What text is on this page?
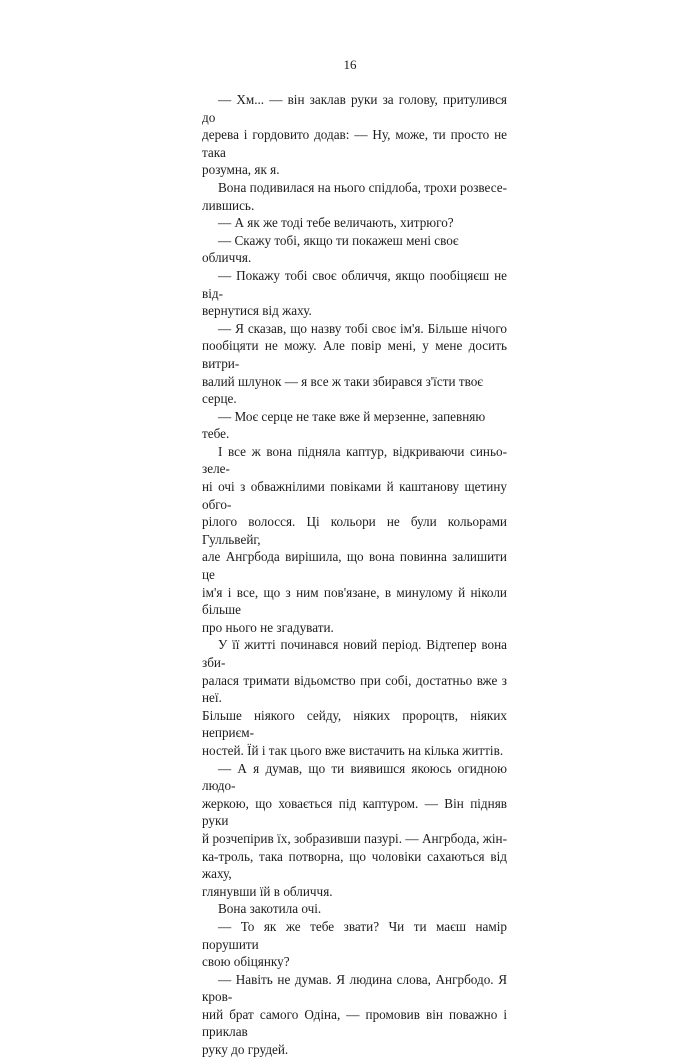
16

— Хм... — він заклав руки за голову, притулився до
дерева і гордовито додав: — Ну, може, ти просто не така
розумна, як я.

Вона подивилася на нього спідлоба, трохи розвесе-
лившись.

— А як же тоді тебе величають, хитрюго?

— Скажу тобі, якщо ти покажеш мені своє обличчя.

— Покажу тобі своє обличчя, якщо пообіцяєш не від-
вернутися від жаху.

— Я сказав, що назву тобі своє ім'я. Більше нічого
пообіцяти не можу. Але повір мені, у мене досить витри-
валий шлунок — я все ж таки збирався з'їсти твоє серце.

— Моє серце не таке вже й мерзенне, запевняю тебе.

І все ж вона підняла каптур, відкриваючи синьо-зеле-
ні очі з обважнілими повіками й каштанову щетину обго-
рілого волосся. Ці кольори не були кольорами Гулльвейг,
але Ангрбода вирішила, що вона повинна залишити це
ім'я і все, що з ним пов'язане, в минулому й ніколи більше
про нього не згадувати.

У її житті починався новий період. Відтепер вона зби-
ралася тримати відьомство при собі, достатньо вже з неї.
Більше ніякого сейду, ніяких пророцтв, ніяких неприєм-
ностей. Їй і так цього вже вистачить на кілька життів.

— А я думав, що ти виявишся якоюсь огидною людо-
жеркою, що ховається під каптуром. — Він підняв руки
й розчепірив їх, зобразивши пазурі. — Ангрбода, жін-
ка-троль, така потворна, що чоловіки сахаються від жаху,
глянувши їй в обличчя.

Вона закотила очі.

— То як же тебе звати? Чи ти маєш намір порушити
свою обіцянку?

— Навіть не думав. Я людина слова, Ангрбодо. Я кров-
ний брат самого Одіна, — промовив він поважно і приклав
руку до грудей.
